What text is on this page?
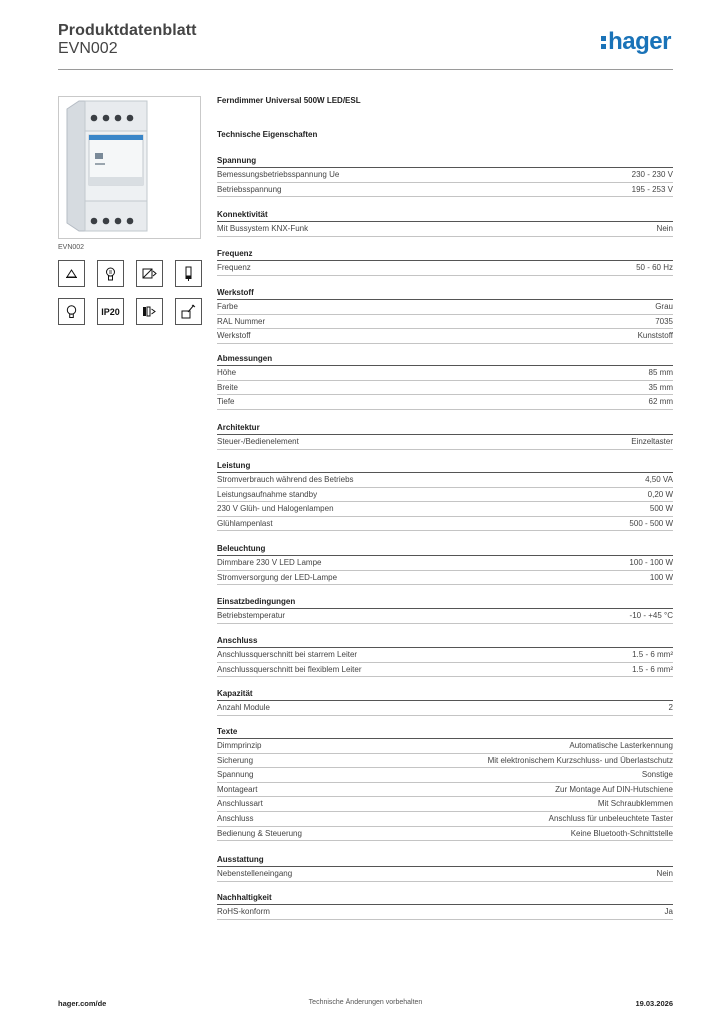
Produktdatenblatt
EVN002	hager
EVN002
IP20
Ferndimmer Universal 500W LED/ESL
Technische Eigenschaften
Spannung
Bemessungsbetriebsspannung Ue	230 - 230 V
Betriebsspannung	195 - 253 V
Konnektivität
Mit Bussystem KNX-Funk	Nein
Frequenz
Frequenz	50 - 60 Hz
Werkstoff
Farbe	Grau
RAL Nummer	7035
Werkstoff	Kunststoff
Abmessungen
Höhe	85 mm
Breite	35 mm
Tiefe	62 mm
Architektur
Steuer-/Bedienelement	Einzeltaster
Leistung
Stromverbrauch während des Betriebs	4,50 VA
Leistungsaufnahme standby	0,20 W
230 V Glüh- und Halogenlampen	500 W
Glühlampenlast	500 - 500 W
Beleuchtung
Dimmbare 230 V LED Lampe	100 - 100 W
Stromversorgung der LED-Lampe	100 W
Einsatzbedingungen
Betriebstemperatur	-10 - +45 °C
Anschluss
Anschlussquerschnitt bei starrem Leiter	1.5 - 6 mm²
Anschlussquerschnitt bei flexiblem Leiter	1.5 - 6 mm²
Kapazität
Anzahl Module	2
Texte
Dimmprinzip	Automatische Lasterkennung
Sicherung	Mit elektronischem Kurzschluss- und Überlastschutz
Spannung	Sonstige
Montageart	Zur Montage Auf DIN-Hutschiene
Anschlussart	Mit Schraubklemmen
Anschluss	Anschluss für unbeleuchtete Taster
Bedienung & Steuerung	Keine Bluetooth-Schnittstelle
Ausstattung
Nebenstelleneingang	Nein
Nachhaltigkeit
RoHS-konform	Ja
hager.com/de	Technische Änderungen vorbehalten	19.03.2026
